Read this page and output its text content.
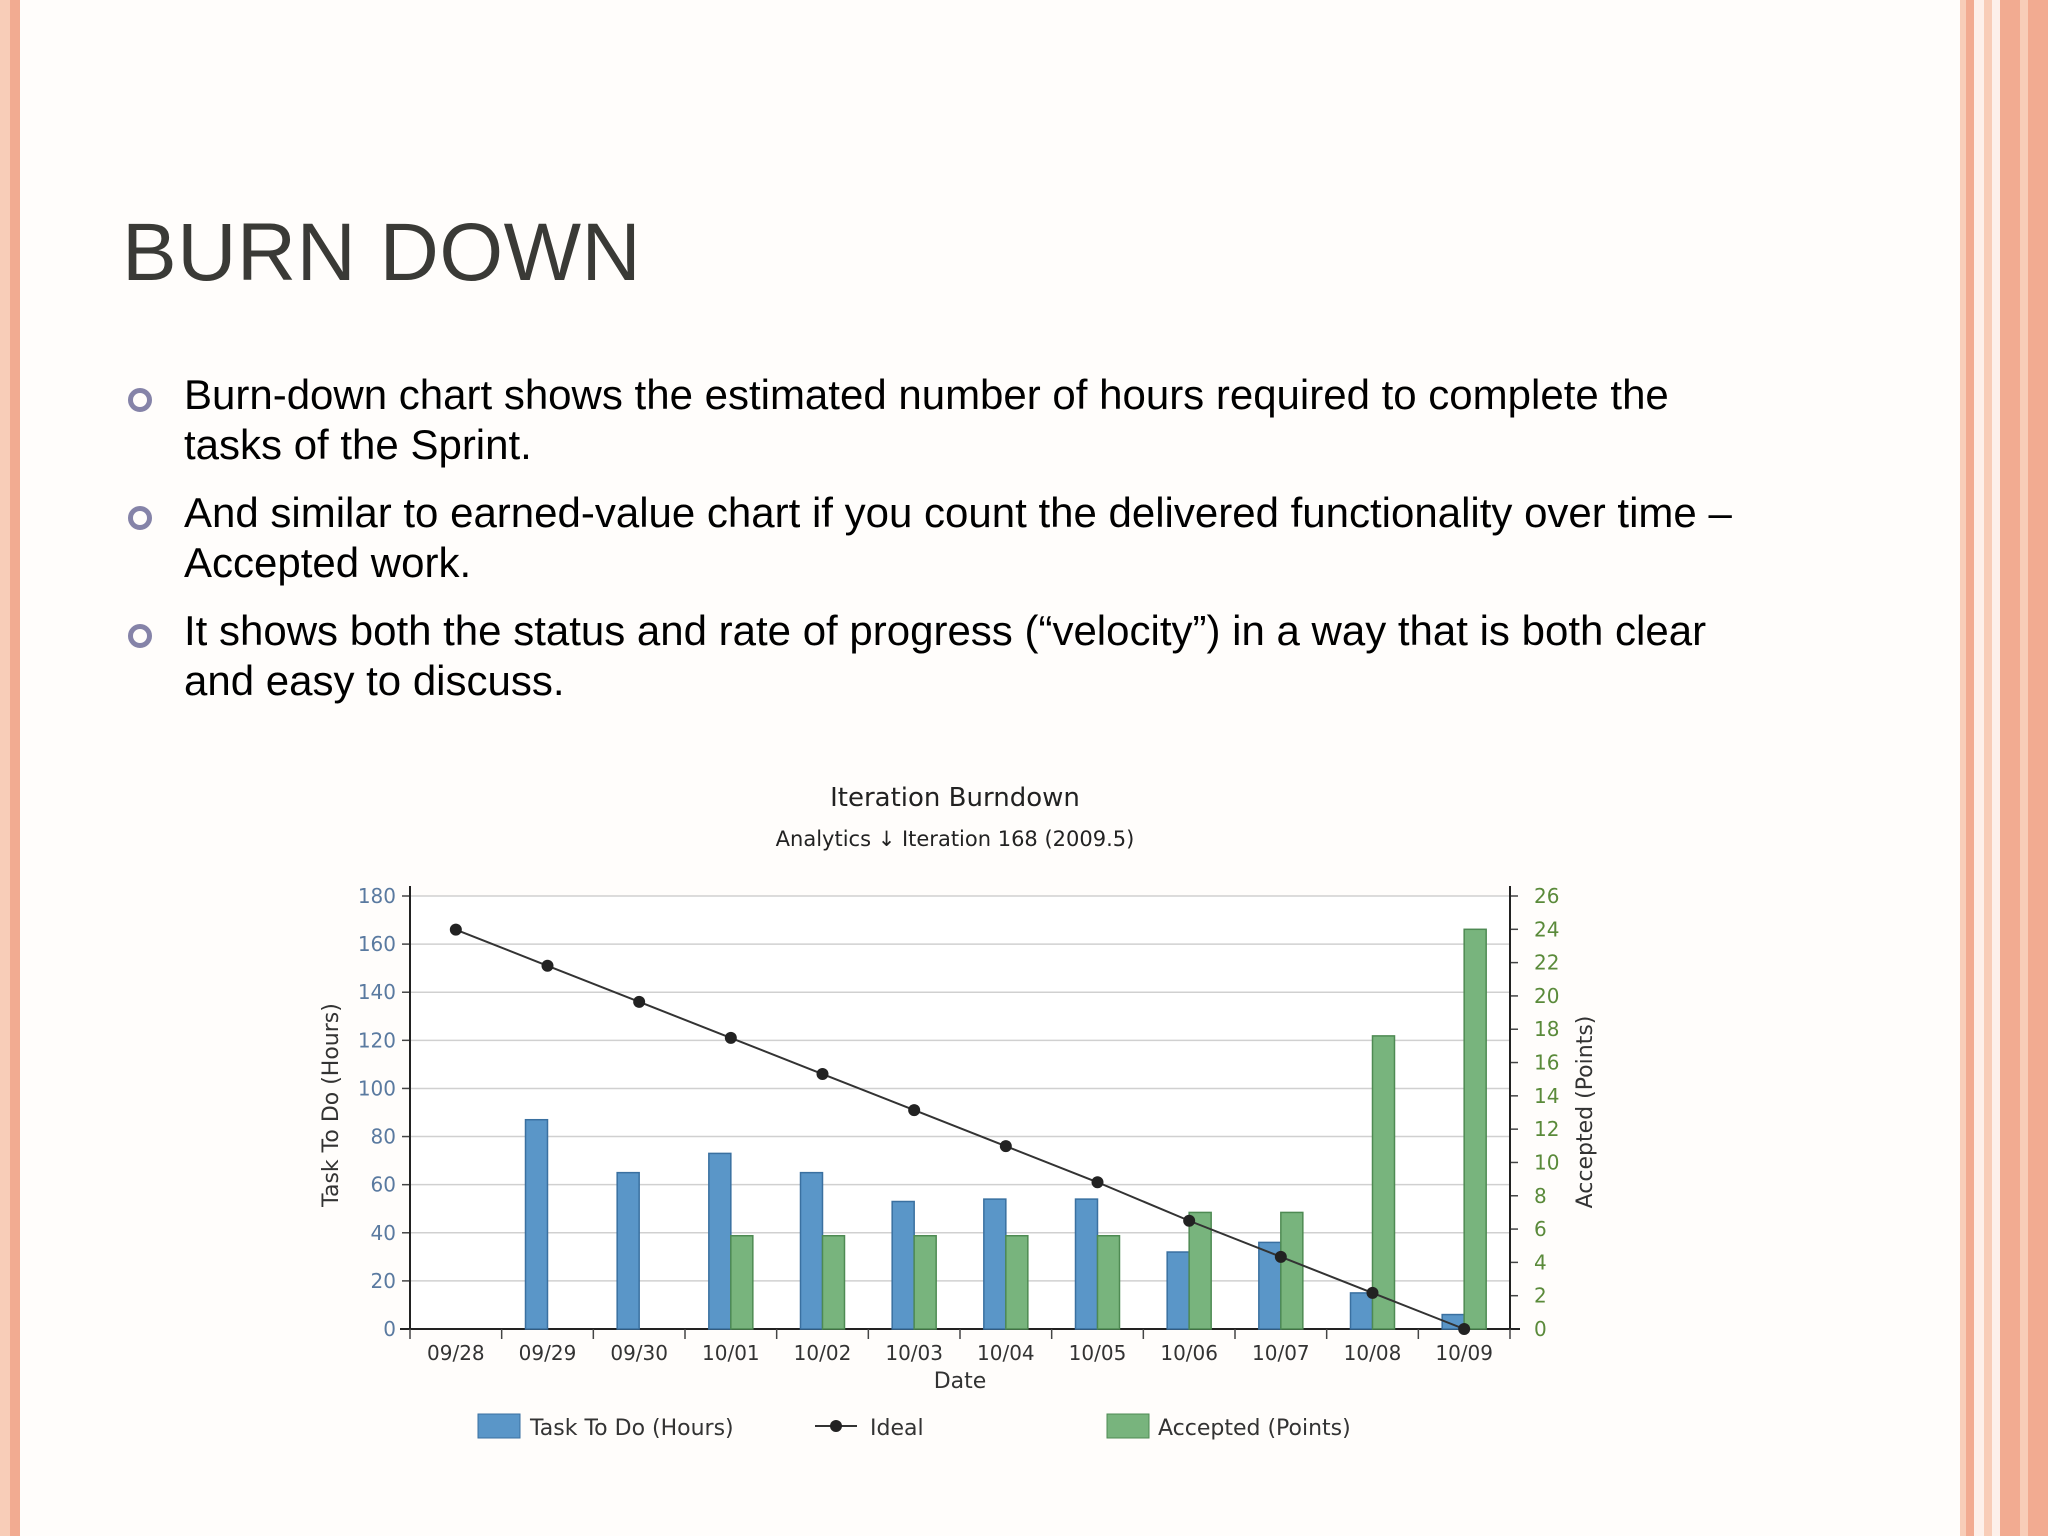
BURN DOWN
Burn-down chart shows the estimated number of hours required to complete the tasks of the Sprint.
And similar to earned-value chart if you count the delivered functionality over time – Accepted work.
It shows both the status and rate of progress (“velocity”) in a way that is both clear and easy to discuss.
Iteration Burndown
Analytics ↓ Iteration 168 (2009.5)
Date
Task To Do (Hours)	Accepted (Points)
0
20
40
60
80
100
120
140
160
180
0
2
4
6
8
10
12
14
16
18
20
22
24
26
09/28 09/29 09/30 10/01 10/02 10/03 10/04 10/05 10/06 10/07 10/08 10/09
Task To Do (Hours)	Ideal	Accepted (Points)
